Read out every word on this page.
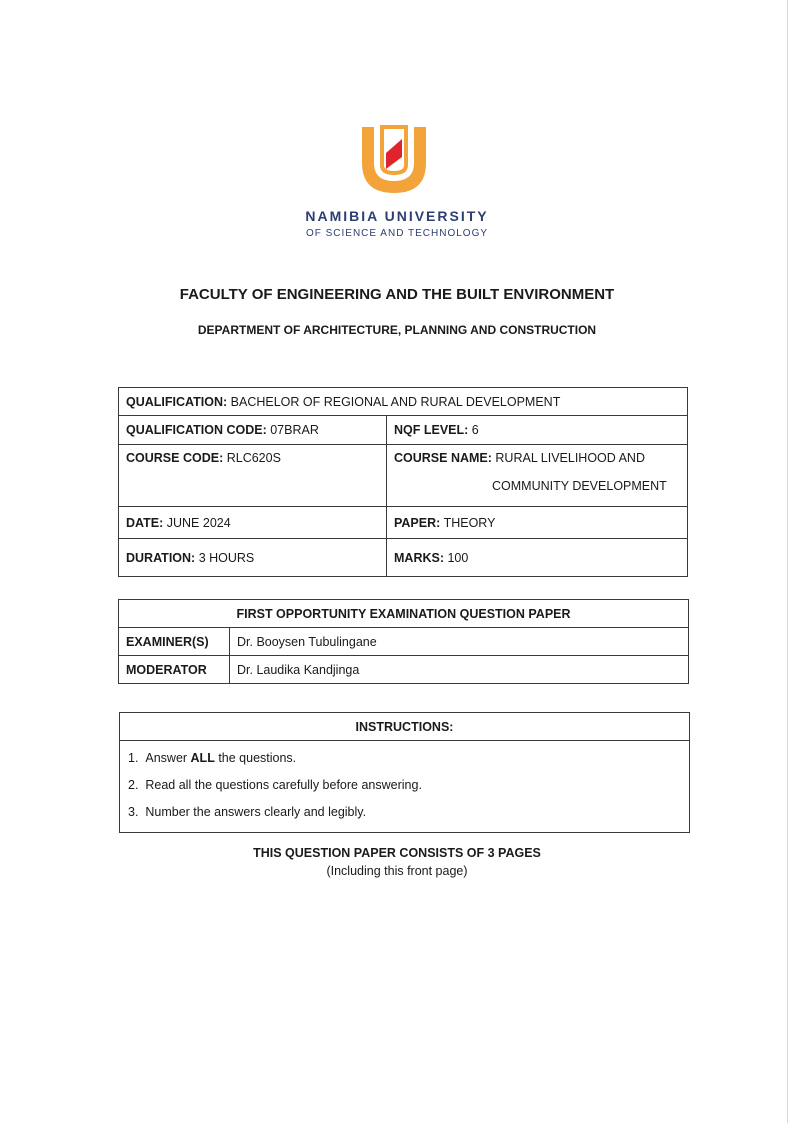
NAMIBIA UNIVERSITY
OF SCIENCE AND TECHNOLOGY
FACULTY OF ENGINEERING AND THE BUILT ENVIRONMENT
DEPARTMENT OF ARCHITECTURE, PLANNING AND CONSTRUCTION
QUALIFICATION: BACHELOR OF REGIONAL AND RURAL DEVELOPMENT	
QUALIFICATION CODE: 07BRAR	NQF LEVEL: 6
COURSE CODE: RLC620S	COURSE NAME: RURAL LIVELIHOOD AND
COMMUNITY DEVELOPMENT

DATE: JUNE 2024	PAPER: THEORY
DURATION: 3 HOURS	MARKS: 100
FIRST OPPORTUNITY EXAMINATION QUESTION PAPER	
EXAMINER(S)	Dr. Booysen Tubulingane
MODERATOR	Dr. Laudika Kandjinga
INSTRUCTIONS:

1.  Answer ALL the questions.
2.  Read all the questions carefully before answering.
3.  Number the answers clearly and legibly.
THIS QUESTION PAPER CONSISTS OF 3 PAGES
(Including this front page)
